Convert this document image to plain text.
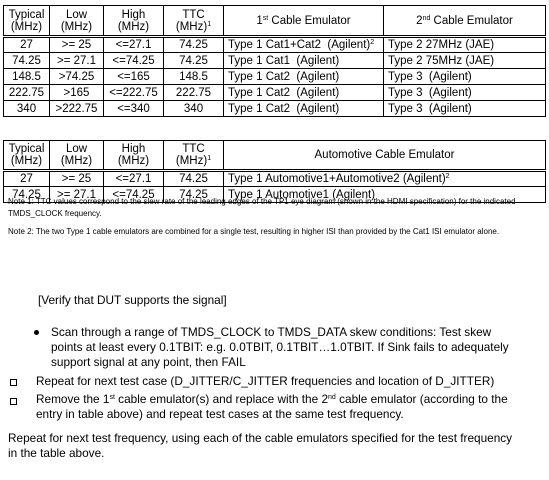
Typical (MHz)	Low (MHz)	High (MHz)	TTC (MHz)$^1$	1st Cable Emulator	2nd Cable Emulator
27	>= 25	<=27.1	74.25	Type 1 Cat1+Cat2  (Agilent)$^2$	Type 2 27MHz (JAE)
74.25	>= 27.1	<=74.25	74.25	Type 1 Cat1  (Agilent)	Type 2 75MHz (JAE)
148.5	>74.25	<=165	148.5	Type 1 Cat2  (Agilent)	Type 3  (Agilent)
222.75	>165	<=222.75	222.75	Type 1 Cat2  (Agilent)	Type 3  (Agilent)
340	>222.75	<=340	340	Type 1 Cat2  (Agilent)	Type 3  (Agilent)
Typical (MHz)	Low (MHz)	High (MHz)	TTC (MHz)$^1$	Automotive Cable Emulator
27	>= 25	<=27.1	74.25	Type 1 Automotive1+Automotive2 (Agilent)$^2$
74.25	>= 27.1	<=74.25	74.25	Type 1 Automotive1 (Agilent)
Note 1: TTC values correspond to the slew rate of the leading edges of the TP1 eye diagram (shown in the HDMI specification) for the indicated TMDS_CLOCK frequency.
Note 2: The two Type 1 cable emulators are combined for a single test, resulting in higher ISI than provided by the Cat1 ISI emulator alone.
[Verify that DUT supports the signal]
Scan through a range of TMDS_CLOCK to TMDS_DATA skew conditions: Test skew points at least every 0.1TBIT: e.g. 0.0TBIT, 0.1TBIT…1.0TBIT. If Sink fails to adequately support signal at any point, then FAIL
Repeat for next test case (D_JITTER/C_JITTER frequencies and location of D_JITTER)
Remove the 1st cable emulator(s) and replace with the 2nd cable emulator (according to the entry in table above) and repeat test cases at the same test frequency.
Repeat for next test frequency, using each of the cable emulators specified for the test frequency in the table above.
